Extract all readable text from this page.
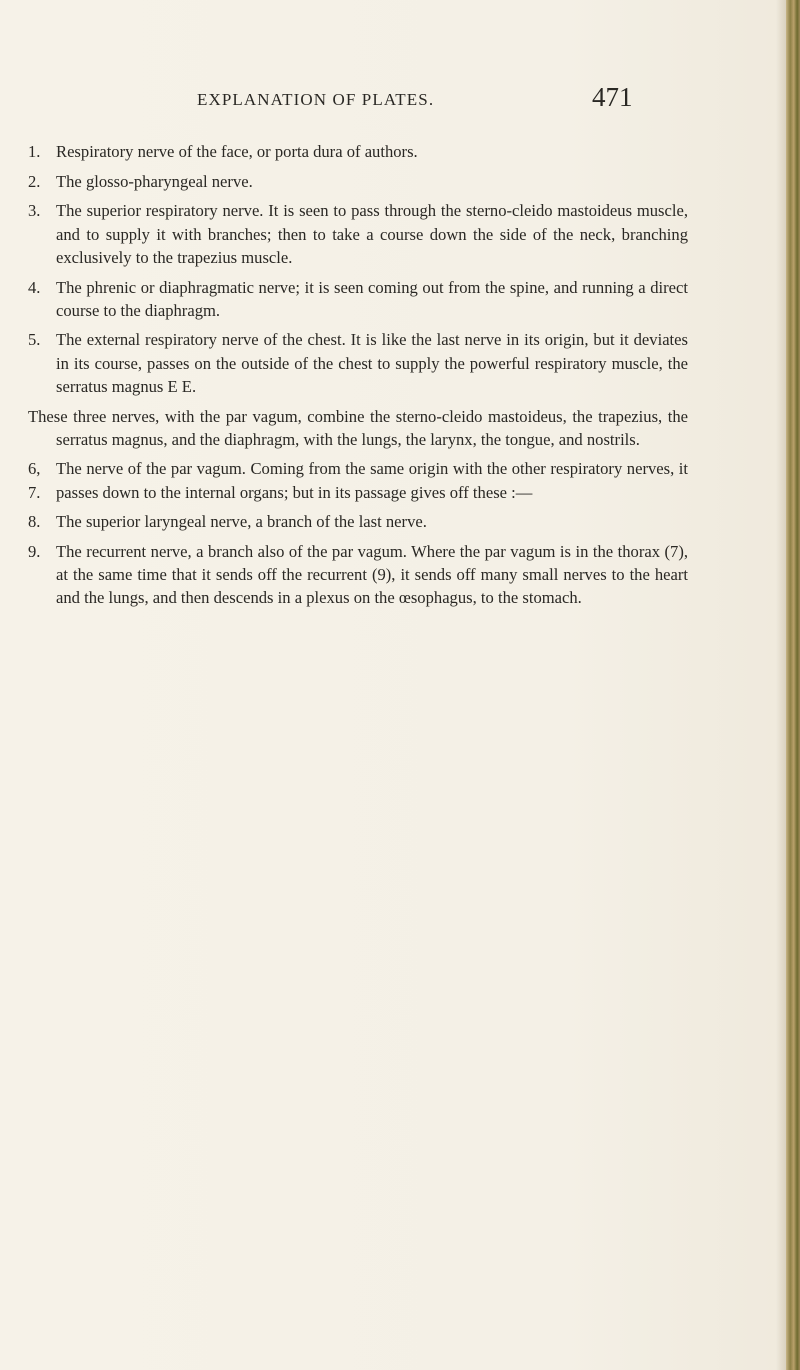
EXPLANATION OF PLATES.	471
1. Respiratory nerve of the face, or porta dura of authors.
2. The glosso-pharyngeal nerve.
3. The superior respiratory nerve. It is seen to pass through the sterno-cleido mastoideus muscle, and to supply it with branches; then to take a course down the side of the neck, branching exclusively to the trapezius muscle.
4. The phrenic or diaphragmatic nerve; it is seen coming out from the spine, and running a direct course to the diaphragm.
5. The external respiratory nerve of the chest. It is like the last nerve in its origin, but it deviates in its course, passes on the outside of the chest to supply the powerful respiratory muscle, the serratus magnus E E.
These three nerves, with the par vagum, combine the sterno-cleido mastoideus, the trapezius, the serratus magnus, and the diaphragm, with the lungs, the larynx, the tongue, and nostrils.
6, 7.
The nerve of the par vagum. Coming from the same origin with the other respiratory nerves, it passes down to the internal organs; but in its passage gives off these :—
8. The superior laryngeal nerve, a branch of the last nerve.
9. The recurrent nerve, a branch also of the par vagum. Where the par vagum is in the thorax (7), at the same time that it sends off the recurrent (9), it sends off many small nerves to the heart and the lungs, and then descends in a plexus on the œsophagus, to the stomach.
